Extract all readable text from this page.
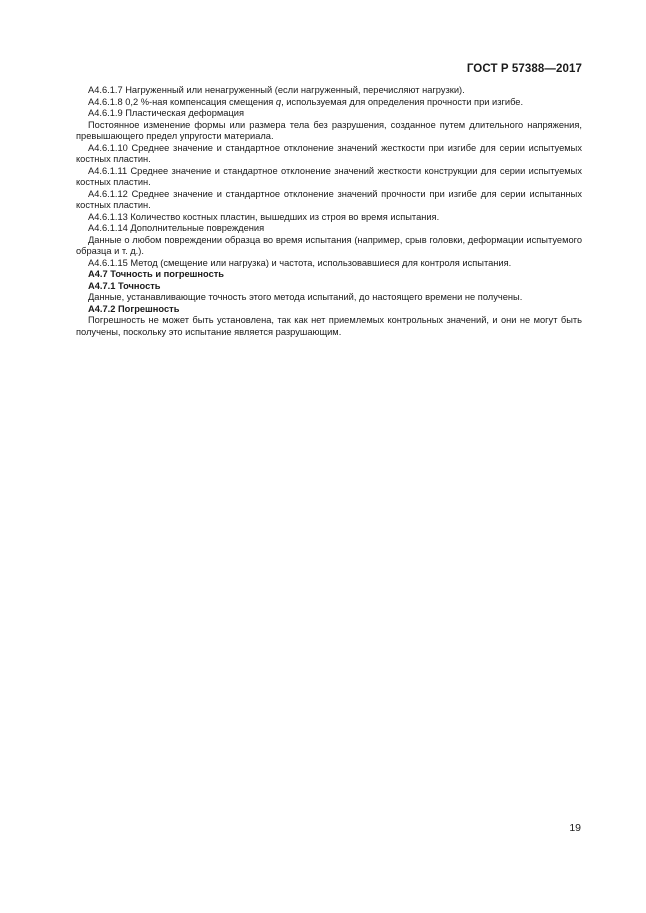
ГОСТ Р 57388—2017

А4.6.1.7 Нагруженный или ненагруженный (если нагруженный, перечисляют нагрузки).

А4.6.1.8 0,2 %-ная компенсация смещения q, используемая для определения прочности при изгибе.

А4.6.1.9 Пластическая деформация

Постоянное изменение формы или размера тела без разрушения, созданное путем длительного напряжения, превышающего предел упругости материала.

А4.6.1.10 Среднее значение и стандартное отклонение значений жесткости при изгибе для серии испытуемых костных пластин.

А4.6.1.11 Среднее значение и стандартное отклонение значений жесткости конструкции для серии испытуемых костных пластин.

А4.6.1.12 Среднее значение и стандартное отклонение значений прочности при изгибе для серии испытанных костных пластин.

А4.6.1.13 Количество костных пластин, вышедших из строя во время испытания.

А4.6.1.14 Дополнительные повреждения

Данные о любом повреждении образца во время испытания (например, срыв головки, деформации испытуемого образца и т. д.).

А4.6.1.15 Метод (смещение или нагрузка) и частота, использовавшиеся для контроля испытания.

А4.7 Точность и погрешность

А4.7.1 Точность

Данные, устанавливающие точность этого метода испытаний, до настоящего времени не получены.

А4.7.2 Погрешность

Погрешность не может быть установлена, так как нет приемлемых контрольных значений, и они не могут быть получены, поскольку это испытание является разрушающим.

19
